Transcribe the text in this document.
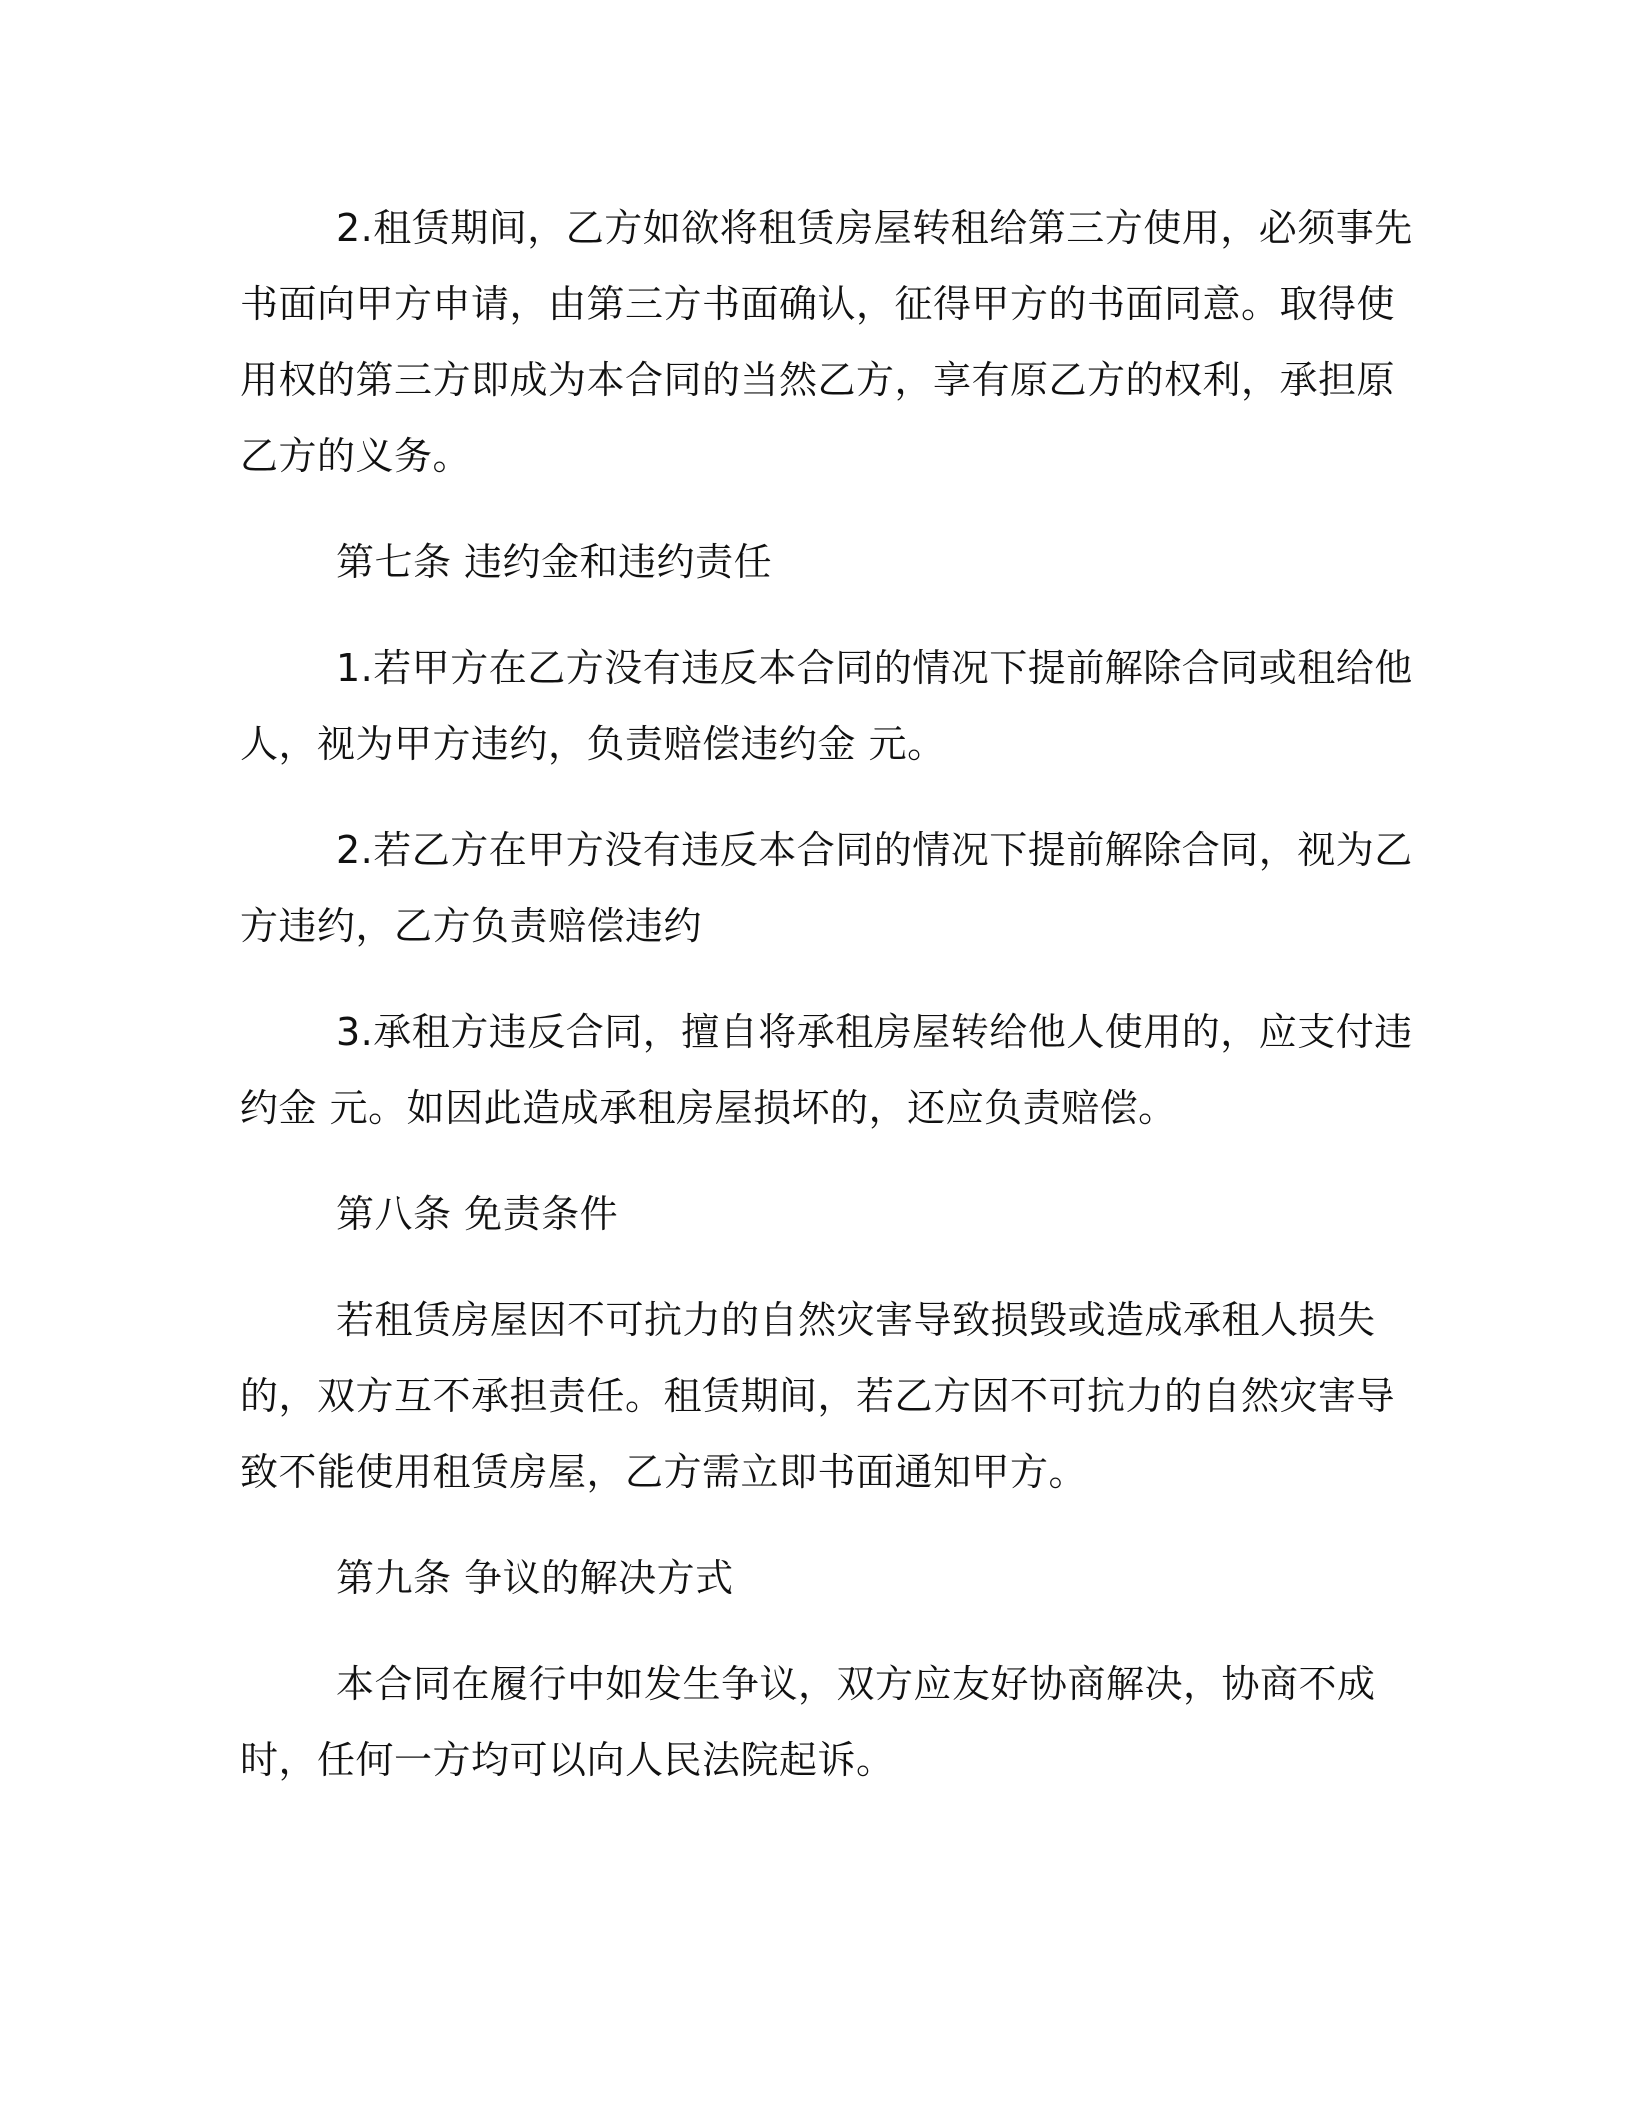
2.租赁期间，乙方如欲将租赁房屋转租给第三方使用，必须事先书面向甲方申请，由第三方书面确认，征得甲方的书面同意。取得使用权的第三方即成为本合同的当然乙方，享有原乙方的权利，承担原乙方的义务。

第七条 违约金和违约责任

1.若甲方在乙方没有违反本合同的情况下提前解除合同或租给他人，视为甲方违约，负责赔偿违约金 元。

2.若乙方在甲方没有违反本合同的情况下提前解除合同，视为乙方违约，乙方负责赔偿违约

3.承租方违反合同，擅自将承租房屋转给他人使用的，应支付违约金 元。如因此造成承租房屋损坏的，还应负责赔偿。

第八条 免责条件

若租赁房屋因不可抗力的自然灾害导致损毁或造成承租人损失的，双方互不承担责任。租赁期间，若乙方因不可抗力的自然灾害导致不能使用租赁房屋，乙方需立即书面通知甲方。

第九条 争议的解决方式

本合同在履行中如发生争议，双方应友好协商解决，协商不成时，任何一方均可以向人民法院起诉。
